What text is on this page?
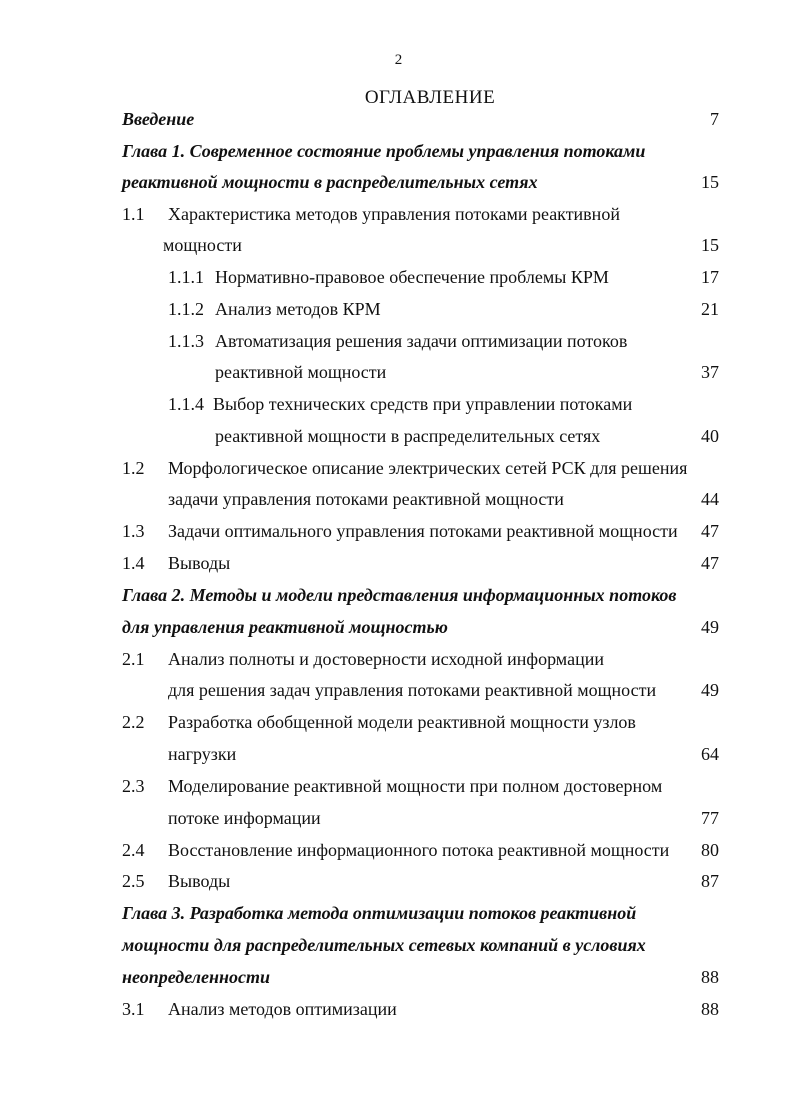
2
ОГЛАВЛЕНИЕ
Введение	7
Глава 1. Современное состояние проблемы управления потоками
реактивной мощности в распределительных сетях	15
1.1 Характеристика методов управления потоками реактивной
мощности	15
1.1.1 Нормативно-правовое обеспечение проблемы КРМ	17
1.1.2 Анализ методов КРМ	21
1.1.3 Автоматизация решения задачи оптимизации потоков
реактивной мощности	37
1.1.4 Выбор технических средств при управлении потоками
реактивной мощности в распределительных сетях	40
1.2 Морфологическое описание электрических сетей РСК для решения
задачи управления потоками реактивной мощности	44
1.3 Задачи оптимального управления потоками реактивной мощности 47
1.4 Выводы	47
Глава 2. Методы и модели представления информационных потоков
для управления реактивной мощностью	49
2.1 Анализ полноты и достоверности исходной информации
для решения задач управления потоками реактивной мощности 49
2.2 Разработка обобщенной модели реактивной мощности узлов
нагрузки	64
2.3 Моделирование реактивной мощности при полном достоверном
потоке информации	77
2.4 Восстановление информационного потока реактивной мощности 80
2.5 Выводы	87
Глава 3. Разработка метода оптимизации потоков реактивной
мощности для распределительных сетевых компаний в условиях
неопределенности	88
3.1 Анализ методов оптимизации	88
